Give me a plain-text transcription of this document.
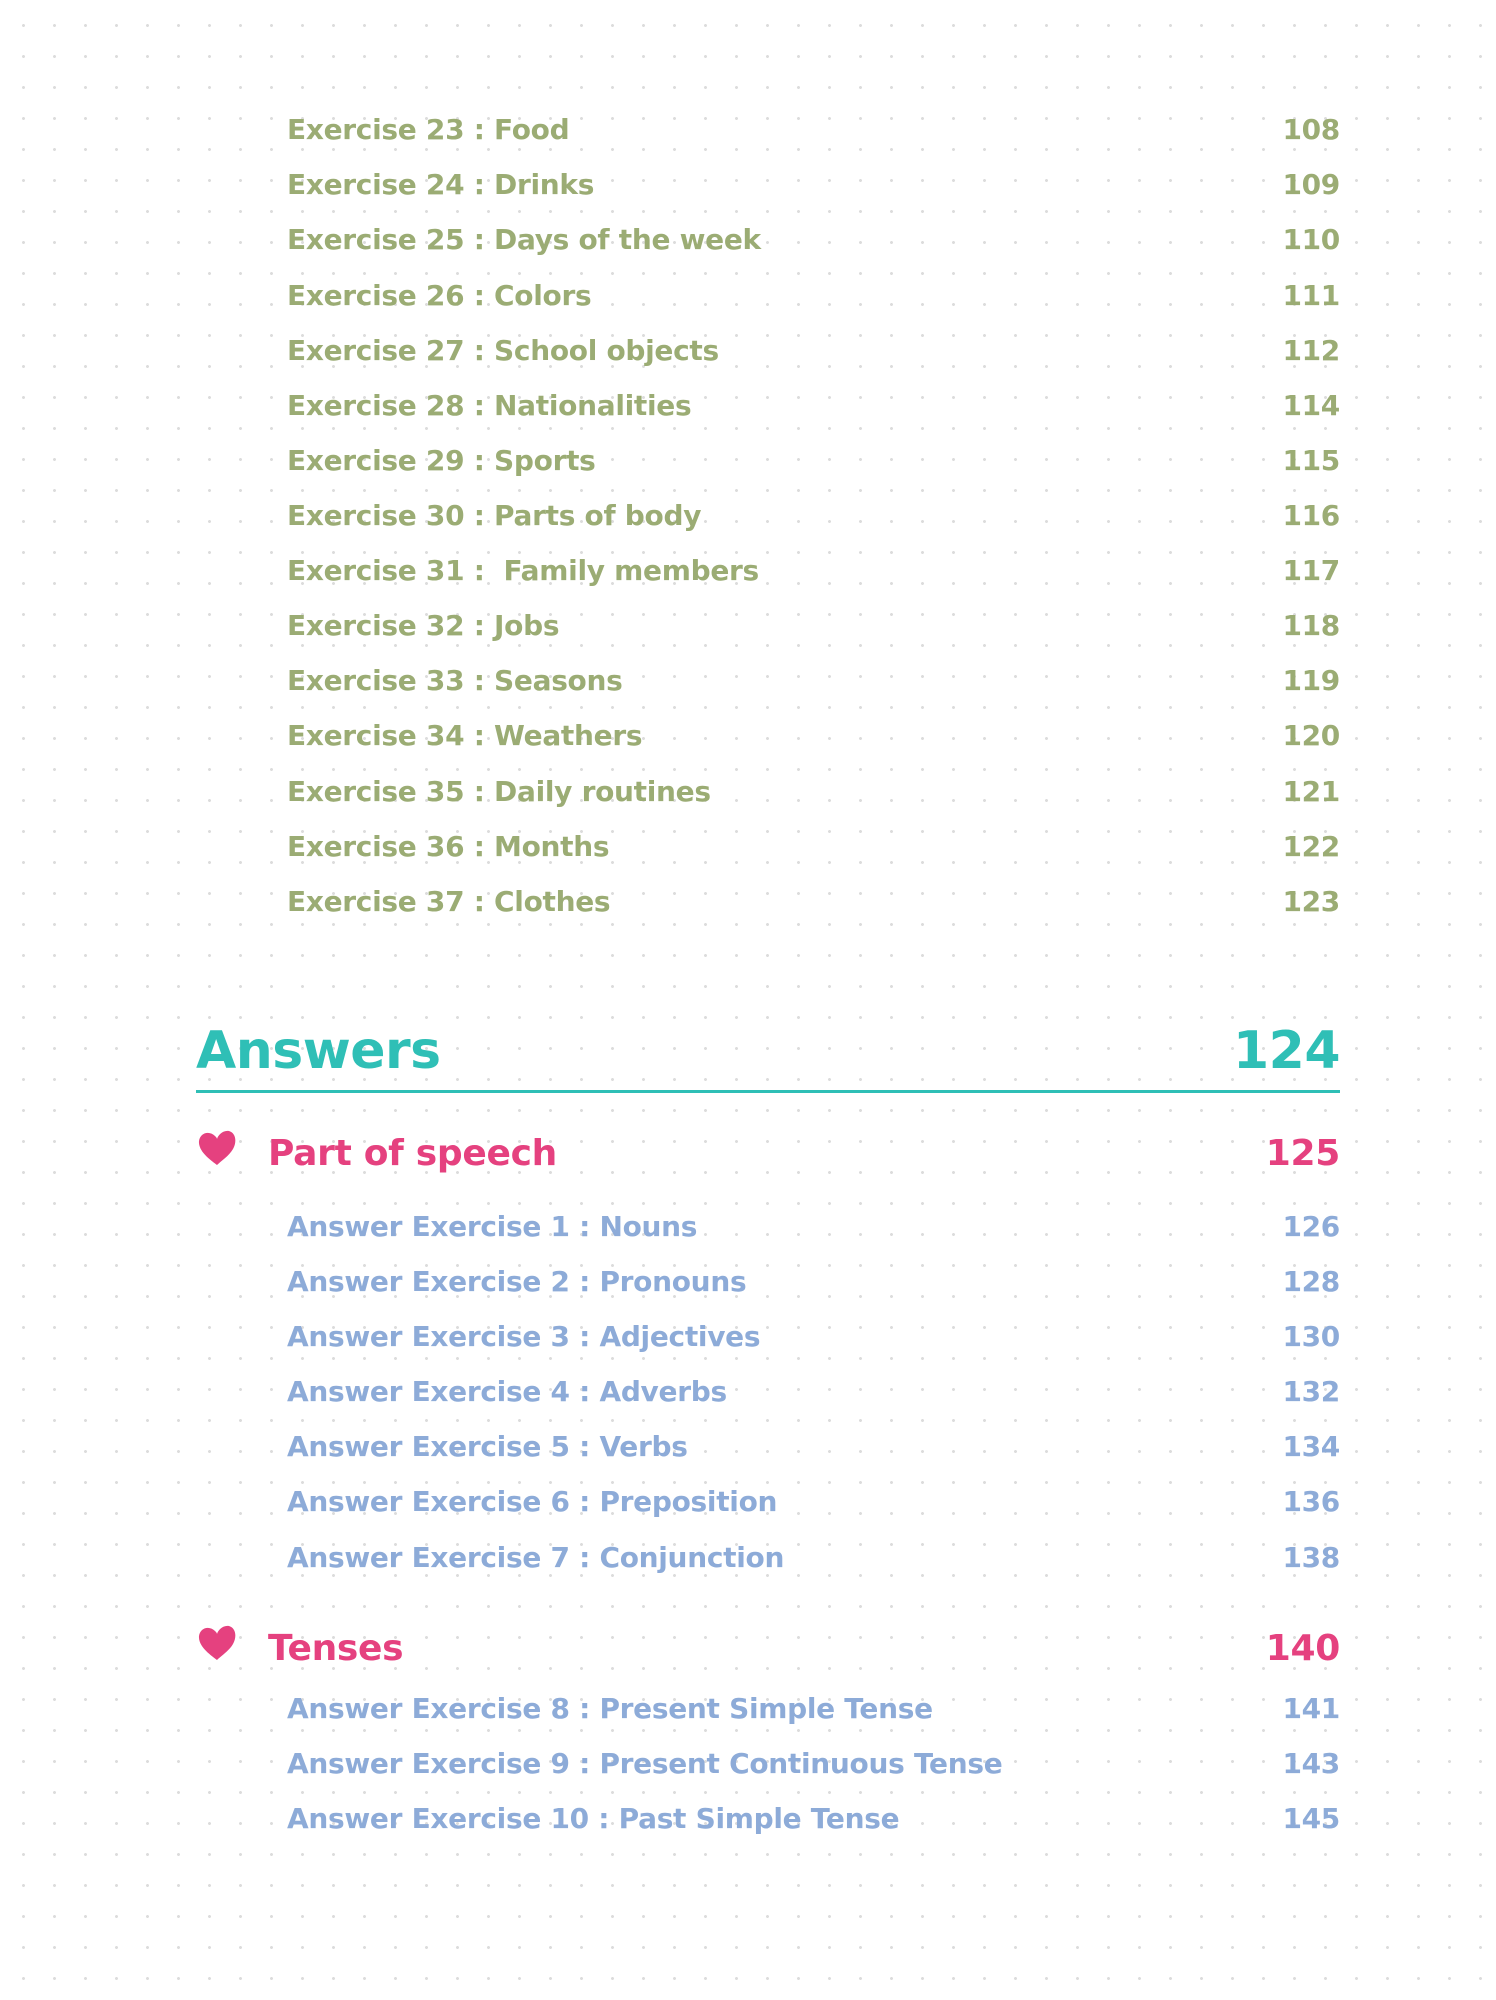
Exercise 23 : Food	108
Exercise 24 : Drinks	109
Exercise 25 : Days of the week	110
Exercise 26 : Colors	111
Exercise 27 : School objects	112
Exercise 28 : Nationalities	114
Exercise 29 : Sports	115
Exercise 30 : Parts of body	116
Exercise 31 :  Family members	117
Exercise 32 : Jobs	118
Exercise 33 : Seasons	119
Exercise 34 : Weathers	120
Exercise 35 : Daily routines	121
Exercise 36 : Months	122
Exercise 37 : Clothes	123
Answers	124
Part of speech	125
Answer Exercise 1 : Nouns	126
Answer Exercise 2 : Pronouns	128
Answer Exercise 3 : Adjectives	130
Answer Exercise 4 : Adverbs	132
Answer Exercise 5 : Verbs	134
Answer Exercise 6 : Preposition	136
Answer Exercise 7 : Conjunction	138
Tenses	140
Answer Exercise 8 : Present Simple Tense	141
Answer Exercise 9 : Present Continuous Tense	143
Answer Exercise 10 : Past Simple Tense	145
